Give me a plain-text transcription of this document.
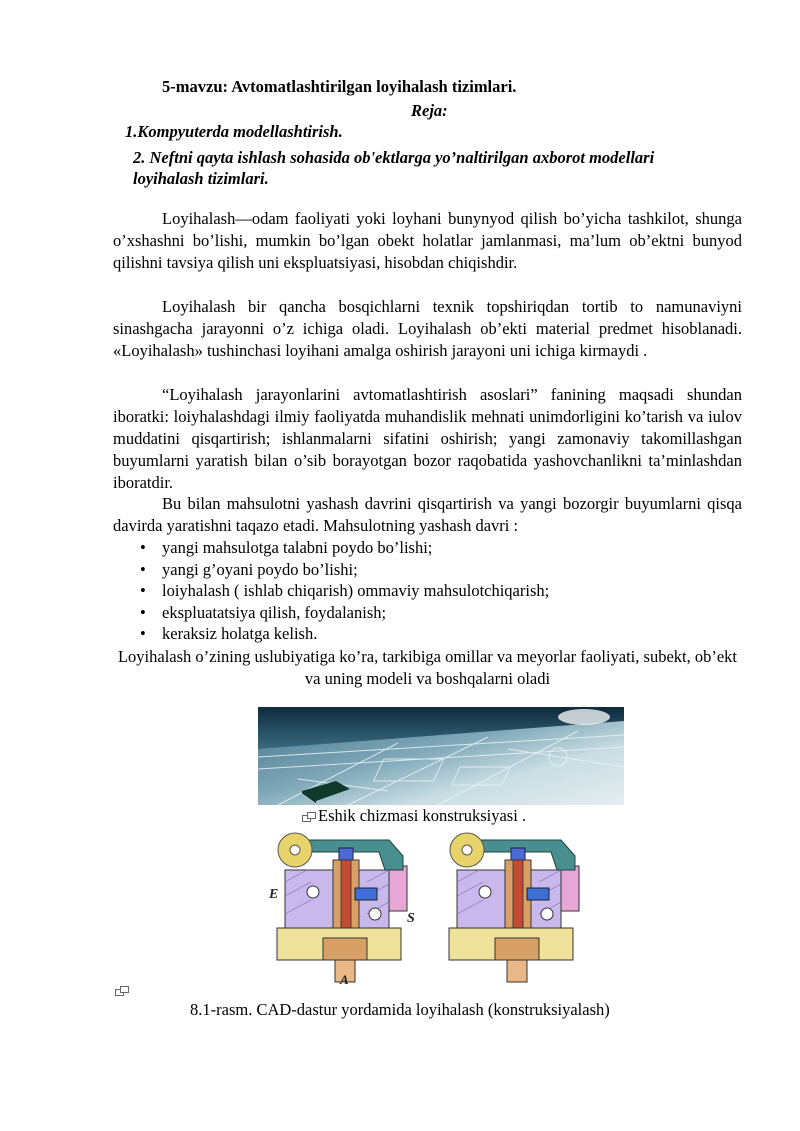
5-mavzu: Avtomatlashtirilgan loyihalash tizimlari.
Reja:
1.Kompyuterda modellashtirish.
2. Neftni qayta ishlash sohasida ob'ektlarga yo’naltirilgan axborot modellari loyihalash tizimlari.

Loyihalash—odam faoliyati yoki loyhani bunynyod qilish bo’yicha tashkilot, shunga o’xshashni bo’lishi, mumkin bo’lgan obekt holatlar jamlanmasi, ma’lum ob’ektni bunyod qilishni tavsiya qilish uni ekspluatsiyasi, hisobdan chiqishdir.

Loyihalash bir qancha bosqichlarni texnik topshiriqdan tortib to namunaviyni sinashgacha jarayonni o’z ichiga oladi. Loyihalash ob’ekti material predmet hisoblanadi. «Loyihalash» tushinchasi loyihani amalga oshirish jarayoni uni ichiga kirmaydi .

“Loyihalash jarayonlarini avtomatlashtirish asoslari” fanining maqsadi shundan iboratki: loiyhalashdagi ilmiy faoliyatda muhandislik mehnati unimdorligini ko’tarish va iulov muddatini qisqartirish; ishlanmalarni sifatini oshirish; yangi zamonaviy takomillashgan buyumlarni yaratish bilan o’sib borayotgan bozor raqobatida yashovchanlikni ta’minlashdan iboratdir.

Bu bilan mahsulotni yashash davrini qisqartirish va yangi bozorgir buyumlarni qisqa davirda yaratishni taqazo etadi. Mahsulotning yashash davri :

• yangi mahsulotga talabni poydo bo’lishi;
• yangi g’oyani poydo bo’lishi;
• loiyhalash ( ishlab chiqarish) ommaviy mahsulotchiqarish;
• ekspluatatsiya qilish, foydalanish;
• keraksiz holatga kelish.
Loyihalash o’zining uslubiyatiga ko’ra, tarkibiga omillar va meyorlar faoliyati, subekt, ob’ekt va uning modeli va boshqalarni oladi
Eshik chizmasi konstruksiyasi .
E
S
A
8.1-rasm. CAD-dastur yordamida loyihalash (konstruksiyalash)
